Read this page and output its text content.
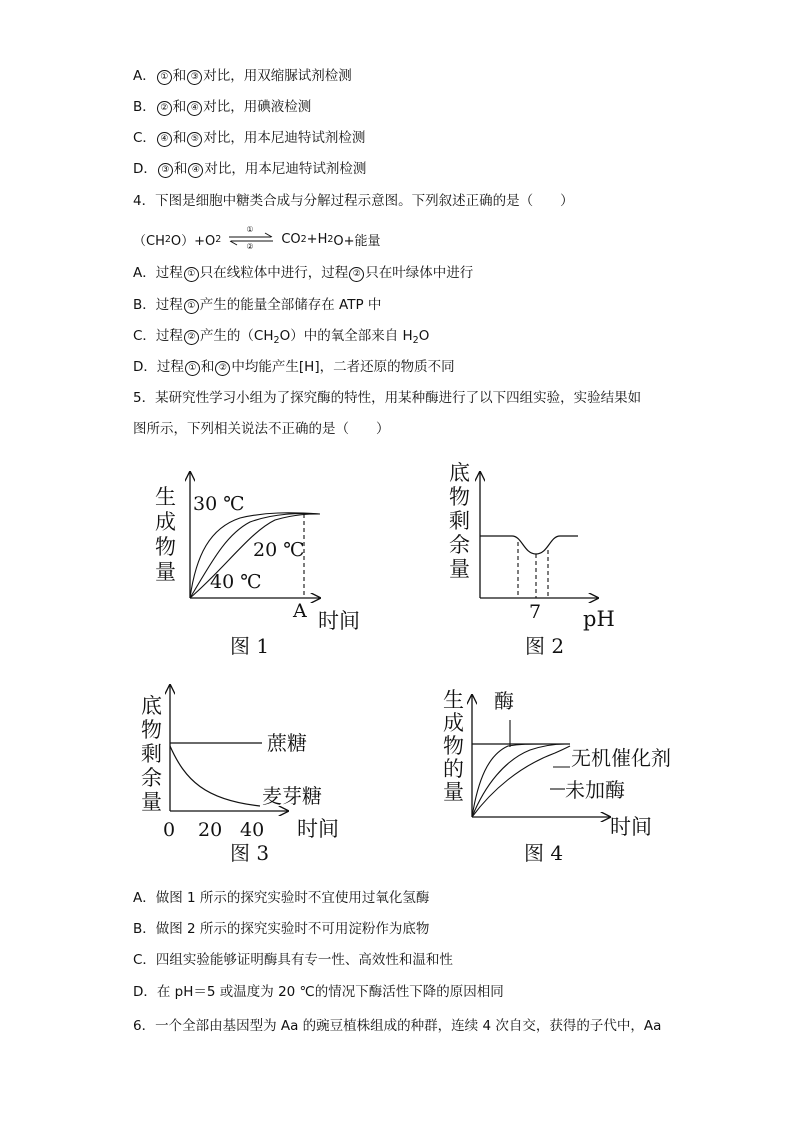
A． ① 和 ③ 对比，用双缩脲试剂检测
B． ② 和 ④ 对比，用碘液检测
C． ④ 和 ⑤ 对比，用本尼迪特试剂检测
D． ③ 和 ④ 对比，用本尼迪特试剂检测
4．下图是细胞中糖类合成与分解过程示意图。下列叙述正确的是（　　）
（CH 2 O）+O 2
①
② CO 2 +H 2 O+能量
A．过程 ① 只在线粒体中进行，过程 ② 只在叶绿体中进行
B．过程 ① 产生的能量全部储存在 ATP 中
C．过程 ② 产生的$(CH_2O)$中的氧全部来自 $H_2O$
D．过程 ① 和 ② 中均能产生[H]，二者还原的物质不同
5．某研究性学习小组为了探究酶的特性，用某种酶进行了以下四组实验，实验结果如
图所示，下列相关说法不正确的是（　　）
生
成
物
量
30 ℃
20 ℃
40 ℃
A 时间
图 1
底
物
剩
余
量
7 pH
图 2
底
物
剩
余
量
蔗糖
麦芽糖
0 20 40 时间
图 3
生
成
物
的
量
酶
无机催化剂
未加酶
时间
图 4
A．做图 1 所示的探究实验时不宜使用过氧化氢酶
B．做图 2 所示的探究实验时不可用淀粉作为底物
C．四组实验能够证明酶具有专一性、高效性和温和性
D．在 pH＝5 或温度为 20 ℃的情况下酶活性下降的原因相同
6．一个全部由基因型为 Aa 的豌豆植株组成的种群，连续 4 次自交，获得的子代中，Aa
